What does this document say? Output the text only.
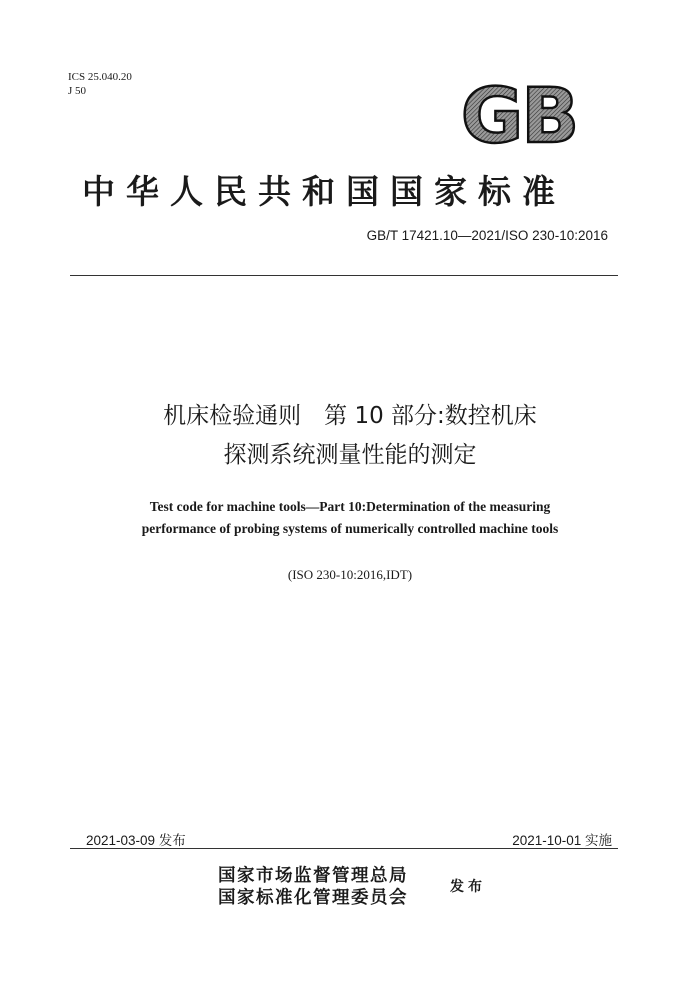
ICS 25.040.20
J 50	GB
中华人民共和国国家标准
GB/T 17421.10—2021/ISO 230-10:2016
机床检验通则　第 10 部分:数控机床
探测系统测量性能的测定
Test code for machine tools—Part 10:Determination of the measuring
performance of probing systems of numerically controlled machine tools
(ISO 230-10:2016,IDT)
2021-03-09 发布	2021-10-01 实施
国家市场监督管理总局
国家标准化管理委员会
发布
